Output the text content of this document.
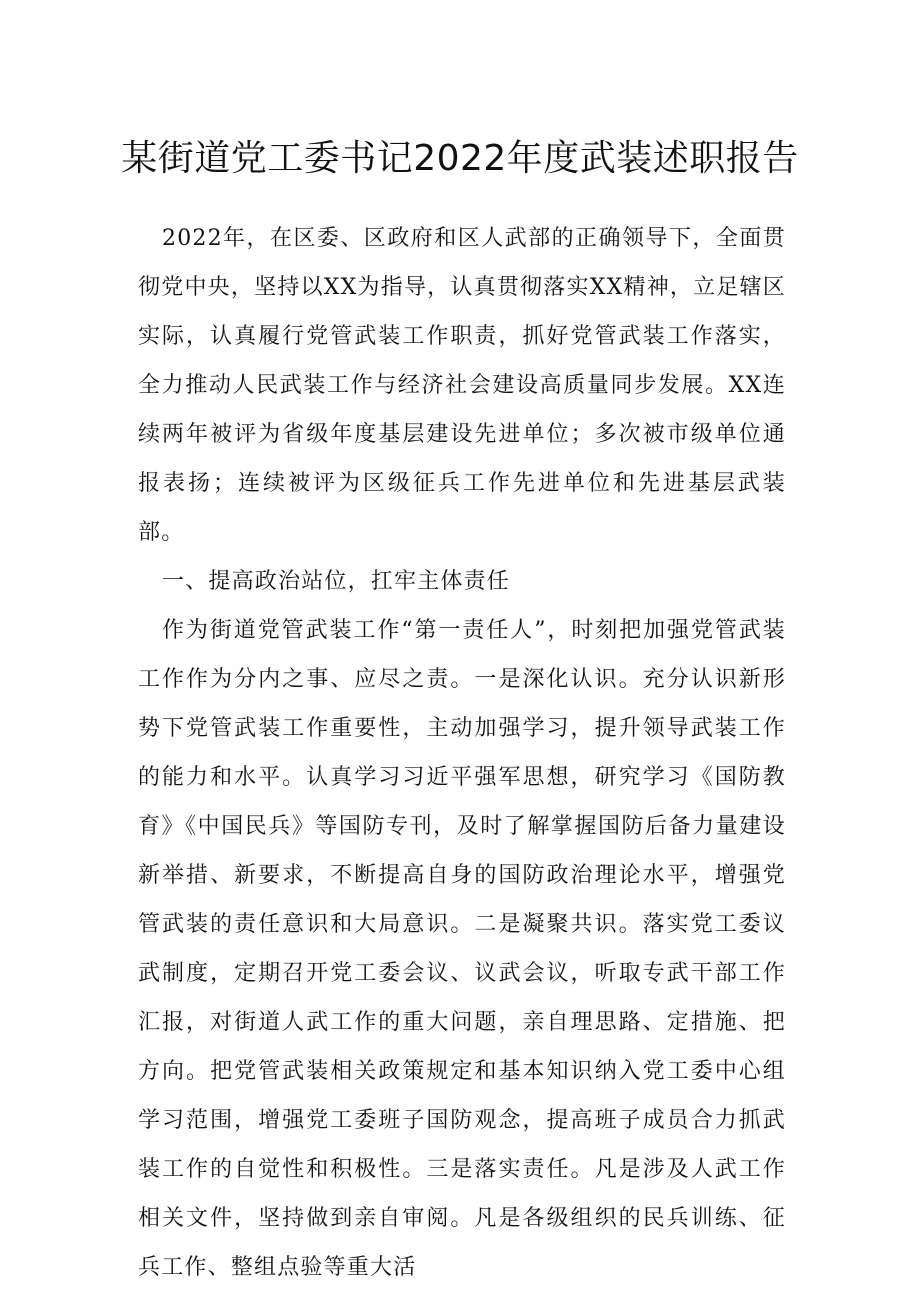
某街道党工委书记2022年度武装述职报告

2022年，在区委、区政府和区人武部的正确领导下，全面贯彻党中央，坚持以XX为指导，认真贯彻落实XX精神，立足辖区实际，认真履行党管武装工作职责，抓好党管武装工作落实，全力推动人民武装工作与经济社会建设高质量同步发展。XX连续两年被评为省级年度基层建设先进单位；多次被市级单位通报表扬；连续被评为区级征兵工作先进单位和先进基层武装部。

一、提高政治站位，扛牢主体责任

作为街道党管武装工作“第一责任人”，时刻把加强党管武装工作作为分内之事、应尽之责。一是深化认识。充分认识新形势下党管武装工作重要性，主动加强学习，提升领导武装工作的能力和水平。认真学习习近平强军思想，研究学习《国防教育》《中国民兵》等国防专刊，及时了解掌握国防后备力量建设新举措、新要求，不断提高自身的国防政治理论水平，增强党管武装的责任意识和大局意识。二是凝聚共识。落实党工委议武制度，定期召开党工委会议、议武会议，听取专武干部工作汇报，对街道人武工作的重大问题，亲自理思路、定措施、把方向。把党管武装相关政策规定和基本知识纳入党工委中心组学习范围，增强党工委班子国防观念，提高班子成员合力抓武装工作的自觉性和积极性。三是落实责任。凡是涉及人武工作相关文件，坚持做到亲自审阅。凡是各级组织的民兵训练、征兵工作、整组点验等重大活
